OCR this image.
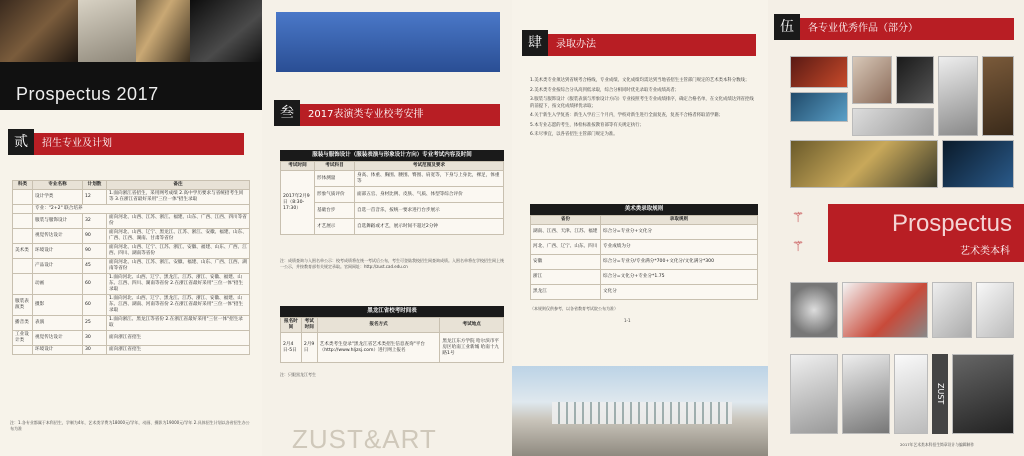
Prospectus 2017
贰	招生专业及计划
科类	专业名称	计划数	备注
	设计学类	12	1.面向浙江省招生，采用网考成绩 2.高中学历要求与省统招考生同等 3.在浙江省最好采用"三位一体"招生录取
	专业："2+2" 联合培养		
	服装与服饰设计	32	面向河北、山西、江苏、浙江、福建、山东、广西、江西、四川等省份
	视觉传达设计	90	面向河北、山西、辽宁、黑龙江、江苏、浙江、安徽、福建、山东、广西、江西、湖南、甘肃等省份
美术类	环境设计	90	面向河北、山西、辽宁、江苏、浙江、安徽、福建、山东、广西、江西、四川、湖南等省份
	产品设计	45	面向河北、山西、江苏、浙江、安徽、福建、山东、广西、江西、湖南等省份
	动画	60	1.面向河北、山西、辽宁、黑龙江、江苏、浙江、安徽、福建、山东、江西、四川、湖南等省份 2.在浙江省最好采用"三位一体"招生录取
服装表演类	摄影	60	1.面向河北、山西、辽宁、黑龙江、江苏、浙江、安徽、福建、山东、江西、湖南、河南等省份 2.在浙江省最好采用"三位一体"招生录取
播音类	表演	25	1.面向浙江、黑龙江等省份 2.在浙江省最好采用"三位一体"招生录取
工业设计类	视觉传达设计	30	面向浙江省招生
	环境设计	30	面向浙江省招生
注：1.各专业都属于本科招生，学制为4年，艺术类学费为18000元/学年，动画、摄影为19000元/学年 2.具体招生计划以各省招生办公布为准
叁	2017表演类专业校考安排
服装与服饰设计（服装表演与形象设计方向）专业考试内容及时间
考试时间	考试科目	考试范围及要求
2017年2月9日（8:30-17:30）	形体测量	身高、体重、胸围、腰围、臀围、肩宽等，下身与上身比，裸足，体重等
	形象气质评价	面部五官、身材比例、皮肤、气质、体型等综合评价
	基础台步	自选一首音乐，按统一要求进行台步展示
	才艺展示	自选舞蹈或才艺，展示时间不超过2分钟
注：成绩查询与入围名单公示：校考成绩将在统一考试后公布，考生可登陆我校招生网查询成绩。入围名单将在学校招生网上统一公示，并按教育部有关规定录取。官网网址：http://zust.cad.edu.cn
黑龙江省校考时间表
报名时间	考试时间	报名方式	考试地点
2月4日-5日	2月9日	艺术类考生登录"黑龙江省艺术类招生信息查询"平台（http://www.hljzsj.com）进行网上报名	黑龙江东方学院 哈尔滨市平房区哈南工业新城 哈南十九路1号
注：只限黑龙江考生
ZUST&ART
肆	录取办法
1.美术类专业须达到省统考合格线，专业成绩、文化成绩均需达到当地省招生主管部门规定的艺术类本科分数线；
2.美术类专业按综合分从高到低录取，综合分相同时优先录取专业成绩高者；
3.服装与服饰设计（服装表演与形象设计方向）专业按照考生专业成绩排序，确定合格名单，在文化成绩达到省控线的前提下，按文化成绩择优录取；
4.关于新生入学复查：新生入学后三个月内，学校对新生进行全面复查，复查不合格者将取消学籍；
5.本专业志愿的考生，体检标准按教育部等有关规定执行；
6.未尽事宜，以各省招生主管部门规定为准。
美术类录取规则
省份	录取规则
湖南、江西、天津、江苏、福建	综合分=专业分+文化分
河北、广西、辽宁、山东、四川	专业成绩为分
安徽	综合分=专业分/专业满分*700+文化分/文化满分*300
浙江	综合分=文化分+专业分*1.75
黑龙江	文化分
（本规则仅供参考，以各省教育考试院公布为准）
1-1
伍	各专业优秀作品（部分）
⚚
⚚
Prospectus
艺术类本科
ZUST
2017年艺术类本科招生简章设计与编辑制作
